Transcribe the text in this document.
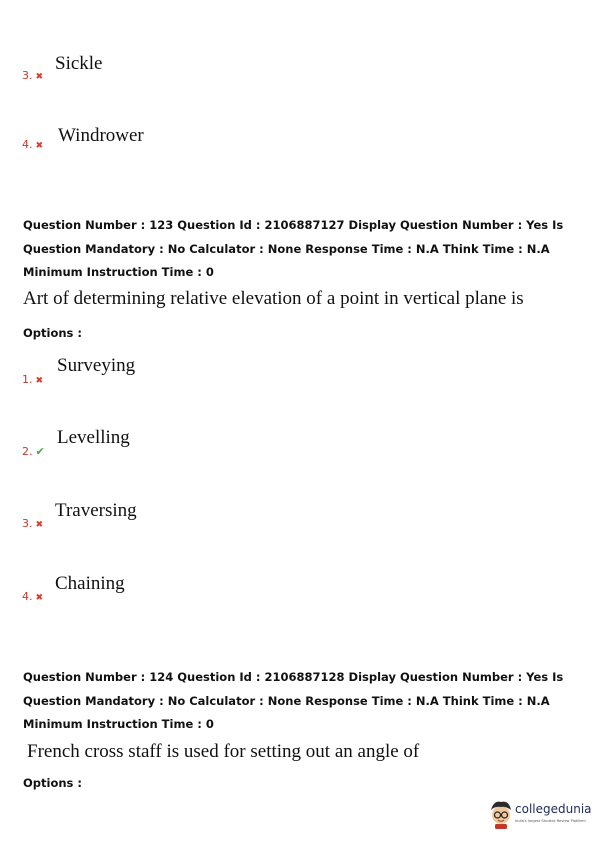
3. ✖
Sickle
4. ✖ Windrower
Question Number : 123 Question Id : 2106887127 Display Question Number : Yes Is Question Mandatory : No Calculator : None Response Time : N.A Think Time : N.A Minimum Instruction Time : 0
Art of determining relative elevation of a point in vertical plane is
Options :
1. ✖
Surveying
2. ✔
Levelling
3. ✖
Traversing
4. ✖
Chaining
Question Number : 124 Question Id : 2106887128 Display Question Number : Yes Is Question Mandatory : No Calculator : None Response Time : N.A Think Time : N.A Minimum Instruction Time : 0
French cross staff is used for setting out an angle of
Options :
collegedunia
India's largest Student Review Platform
